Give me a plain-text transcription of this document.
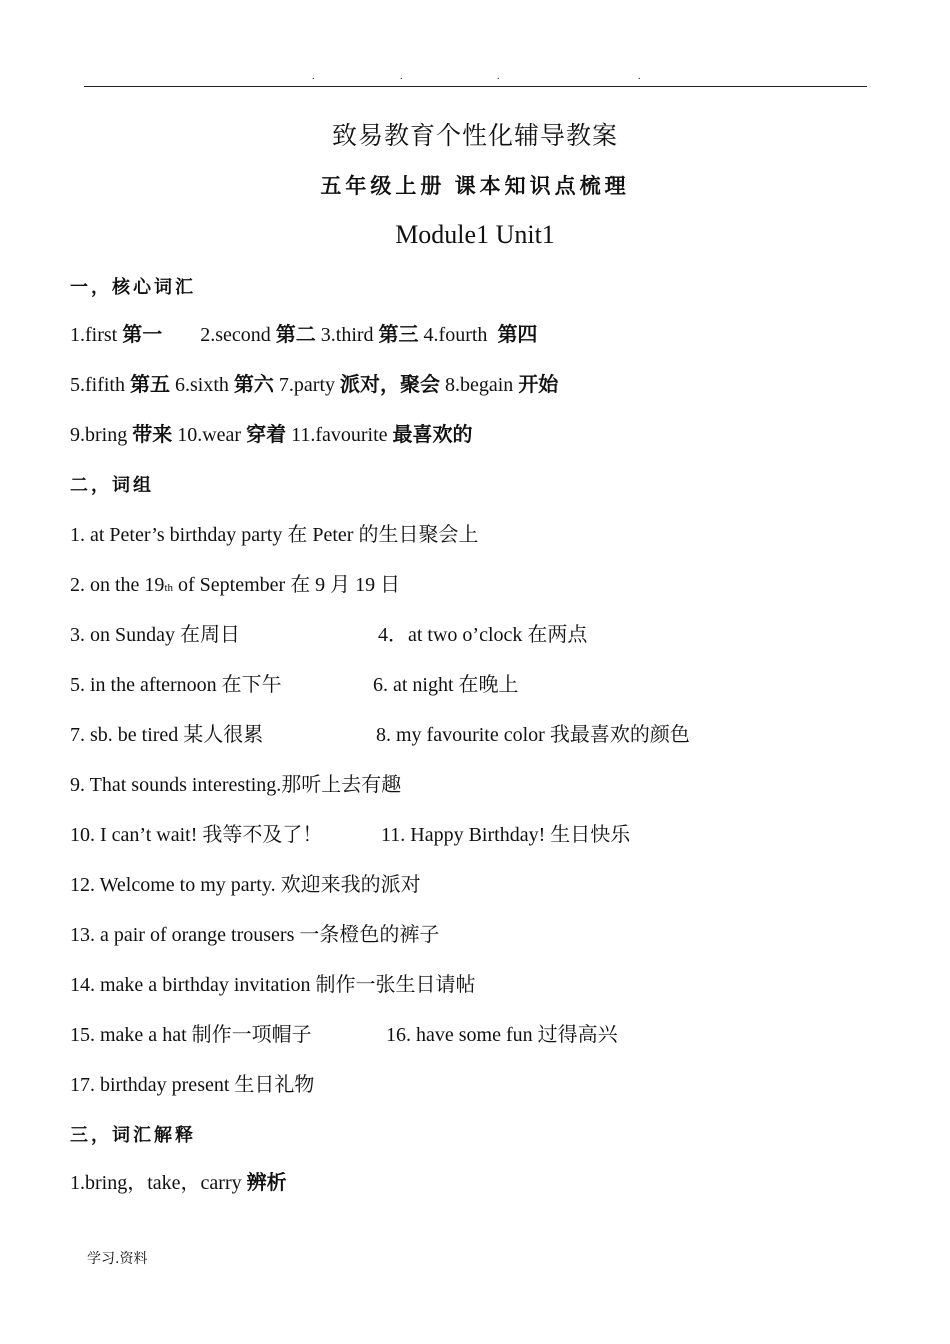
.	.	.	.
致易教育个性化辅导教案
五年级上册 课本知识点梳理
Module1 Unit1
一，核心词汇
1.first 第一 2.second 第二 3.third 第三 4.fourth 第四
5.fifith 第五 6.sixth 第六 7.party 派对，聚会 8.begain 开始
9.bring 带来 10.wear 穿着 11.favourite 最喜欢的
二，词组
1. at Peter’s birthday party 在 Peter 的生日聚会上
2. on the 19th of September 在 9 月 19 日
3. on Sunday 在周日	4．at two o’clock 在两点
5. in the afternoon 在下午	6. at night 在晚上
7. sb. be tired 某人很累	8. my favourite color 我最喜欢的颜色
9. That sounds interesting.那听上去有趣
10. I can’t wait! 我等不及了！	11. Happy Birthday! 生日快乐
12. Welcome to my party. 欢迎来我的派对
13. a pair of orange trousers 一条橙色的裤子
14. make a birthday invitation 制作一张生日请帖
15. make a hat 制作一项帽子	16. have some fun 过得高兴
17. birthday present 生日礼物
三，词汇解释
1.bring，take，carry 辨析
学习.资料
